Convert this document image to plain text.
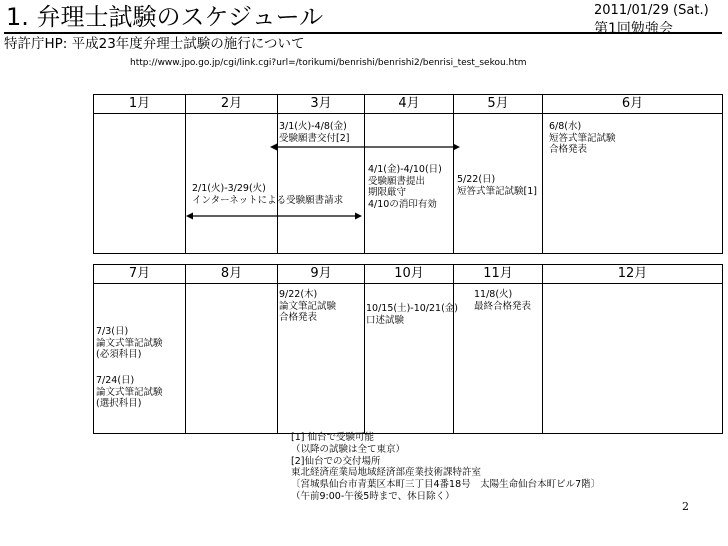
1. 弁理士試験のスケジュール	2011/01/29 (Sat.)
第1回勉強会
特許庁HP: 平成23年度弁理士試験の施行について
http://www.jpo.go.jp/cgi/link.cgi?url=/torikumi/benrishi/benrishi2/benrisi_test_sekou.htm
1月	2月	3月	4月	5月	6月

3/1(火)-4/8(金)
受験願書交付[2]
2/1(火)-3/29(火)
インターネットによる受験願書請求
4/1(金)-4/10(日)
受験願書提出
期限厳守
4/10の消印有効
5/22(日)
短答式筆記試験[1]
6/8(水)
短答式筆記試験
合格発表
7月	8月	9月	10月	11月	12月

9/22(木)
論文筆記試験
合格発表
10/15(土)-10/21(金)
口述試験
11/8(火)
最終合格発表
7/3(日)
論文式筆記試験
(必須科目)
7/24(日)
論文式筆記試験
(選択科目)
[1] 仙台で受験可能
（以降の試験は全て東京）
[2]仙台での交付場所
東北経済産業局地域経済部産業技術課特許室
〔宮城県仙台市青葉区本町三丁目4番18号　太陽生命仙台本町ビル7階〕
（午前9:00-午後5時まで、休日除く）
2
